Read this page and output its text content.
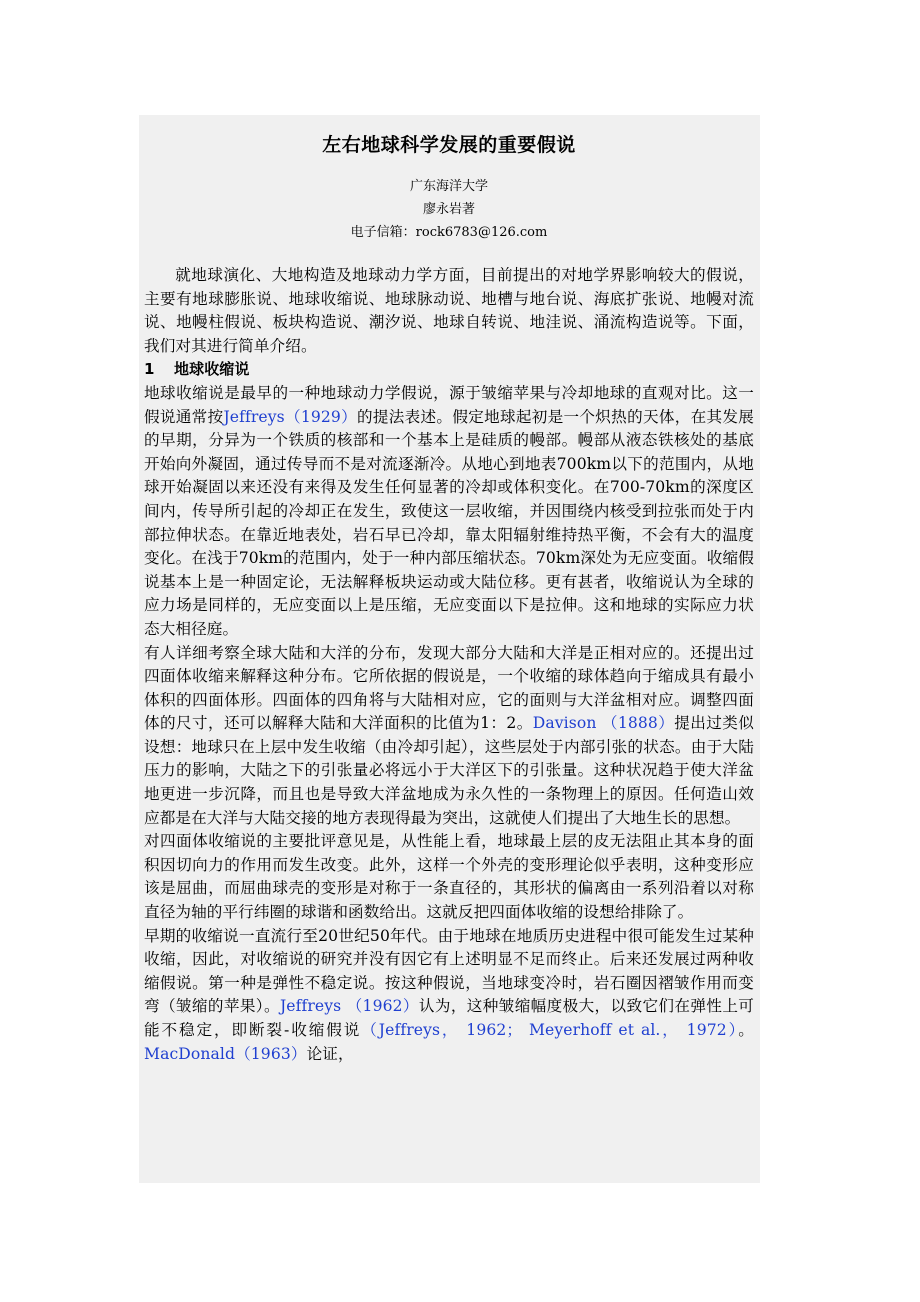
左右地球科学发展的重要假说
广东海洋大学
廖永岩著
电子信箱：rock6783@126.com

就地球演化、大地构造及地球动力学方面，目前提出的对地学界影响较大的假说，主要有地球膨胀说、地球收缩说、地球脉动说、地槽与地台说、海底扩张说、地幔对流说、地幔柱假说、板块构造说、潮汐说、地球自转说、地洼说、涌流构造说等。下面，我们对其进行简单介绍。

1 地球收缩说

地球收缩说是最早的一种地球动力学假说，源于皱缩苹果与冷却地球的直观对比。这一假说通常按Jeffreys（1929）的提法表述。假定地球起初是一个炽热的天体，在其发展的早期，分异为一个铁质的核部和一个基本上是硅质的幔部。幔部从液态铁核处的基底开始向外凝固，通过传导而不是对流逐渐冷。从地心到地表700km以下的范围内，从地球开始凝固以来还没有来得及发生任何显著的冷却或体积变化。在700-70km的深度区间内，传导所引起的冷却正在发生，致使这一层收缩，并因围绕内核受到拉张而处于内部拉伸状态。在靠近地表处，岩石早已冷却，靠太阳辐射维持热平衡，不会有大的温度变化。在浅于70km的范围内，处于一种内部压缩状态。70km深处为无应变面。收缩假说基本上是一种固定论，无法解释板块运动或大陆位移。更有甚者，收缩说认为全球的应力场是同样的，无应变面以上是压缩，无应变面以下是拉伸。这和地球的实际应力状态大相径庭。

有人详细考察全球大陆和大洋的分布，发现大部分大陆和大洋是正相对应的。还提出过四面体收缩来解释这种分布。它所依据的假说是，一个收缩的球体趋向于缩成具有最小体积的四面体形。四面体的四角将与大陆相对应，它的面则与大洋盆相对应。调整四面体的尺寸，还可以解释大陆和大洋面积的比值为1：2。Davison （1888）提出过类似设想：地球只在上层中发生收缩（由冷却引起），这些层处于内部引张的状态。由于大陆压力的影响，大陆之下的引张量必将远小于大洋区下的引张量。这种状况趋于使大洋盆地更进一步沉降，而且也是导致大洋盆地成为永久性的一条物理上的原因。任何造山效应都是在大洋与大陆交接的地方表现得最为突出，这就使人们提出了大地生长的思想。

对四面体收缩说的主要批评意见是，从性能上看，地球最上层的皮无法阻止其本身的面积因切向力的作用而发生改变。此外，这样一个外壳的变形理论似乎表明，这种变形应该是屈曲，而屈曲球壳的变形是对称于一条直径的，其形状的偏离由一系列沿着以对称直径为轴的平行纬圈的球谐和函数给出。这就反把四面体收缩的设想给排除了。

早期的收缩说一直流行至20世纪50年代。由于地球在地质历史进程中很可能发生过某种收缩，因此，对收缩说的研究并没有因它有上述明显不足而终止。后来还发展过两种收缩假说。第一种是弹性不稳定说。按这种假说，当地球变冷时，岩石圈因褶皱作用而变弯（皱缩的苹果）。Jeffreys （1962）认为，这种皱缩幅度极大，以致它们在弹性上可能不稳定，即断裂-收缩假说（Jeffreys， 1962； Meyerhoff et al.， 1972）。MacDonald（1963）论证，
